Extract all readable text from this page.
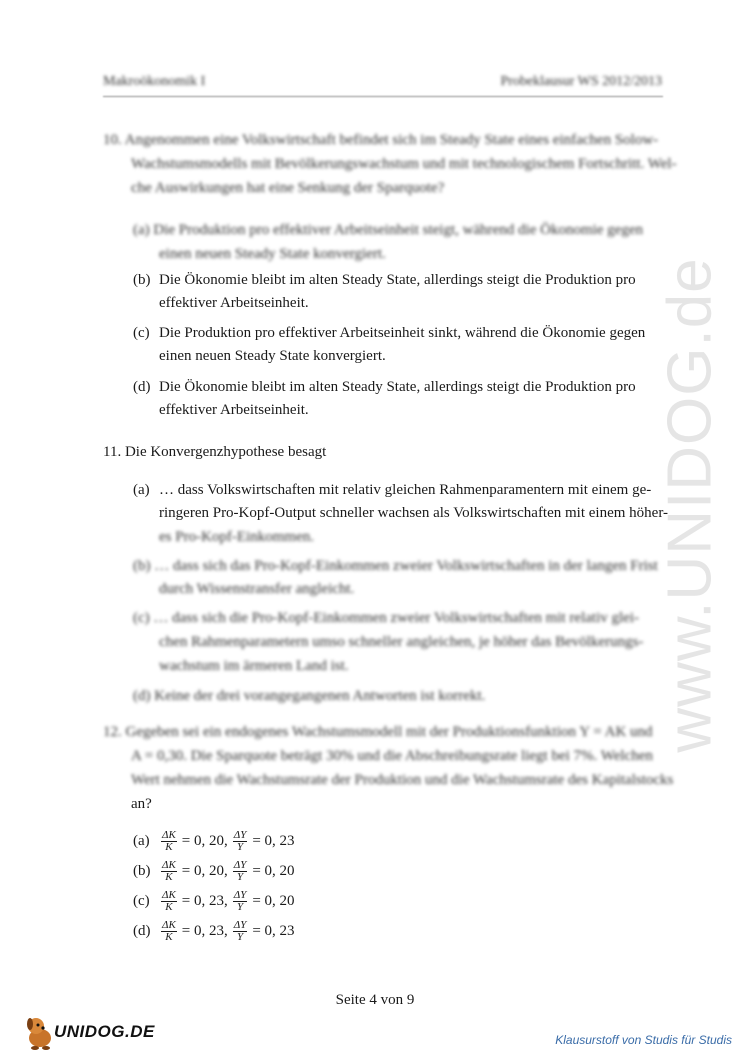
Makroökonomik I	Probeklausur WS 2012/2013
www.UNIDOG.de
10. Angenommen eine Volkswirtschaft befindet sich im Steady State eines einfachen Solow-
Wachstumsmodells mit Bevölkerungswachstum und mit technologischem Fortschritt. Wel-
che Auswirkungen hat eine Senkung der Sparquote?
(a) Die Produktion pro effektiver Arbeitseinheit steigt, während die Ökonomie gegen
einen neuen Steady State konvergiert.
(b) Die Ökonomie bleibt im alten Steady State, allerdings steigt die Produktion pro
effektiver Arbeitseinheit.
(c) Die Produktion pro effektiver Arbeitseinheit sinkt, während die Ökonomie gegen
einen neuen Steady State konvergiert.
(d) Die Ökonomie bleibt im alten Steady State, allerdings steigt die Produktion pro
effektiver Arbeitseinheit.
11. Die Konvergenzhypothese besagt
(a) … dass Volkswirtschaften mit relativ gleichen Rahmenparamentern mit einem ge-
ringeren Pro-Kopf-Output schneller wachsen als Volkswirtschaften mit einem höher-
es Pro-Kopf-Einkommen.
(b) … dass sich das Pro-Kopf-Einkommen zweier Volkswirtschaften in der langen Frist
durch Wissenstransfer angleicht.
(c) … dass sich die Pro-Kopf-Einkommen zweier Volkswirtschaften mit relativ glei-
chen Rahmenparametern umso schneller angleichen, je höher das Bevölkerungs-
wachstum im ärmeren Land ist.
(d) Keine der drei vorangegangenen Antworten ist korrekt.
12. Gegeben sei ein endogenes Wachstumsmodell mit der Produktionsfunktion Y = AK und
A = 0,30. Die Sparquote beträgt 30% und die Abschreibungsrate liegt bei 7%. Welchen
Wert nehmen die Wachstumsrate der Produktion und die Wachstumsrate des Kapitalstocks
an?
(a)	$\frac{\Delta K}{K} = 0$, 20, $\frac{\Delta Y}{Y} = 0$, 23
$(b) \frac{\Delta K}{K} = 0$, 20, $\frac{\Delta Y}{Y} = 0$, 20
(c)	$\frac{\Delta K}{K} = 0$, 23, $\frac{\Delta Y}{Y} = 0$, 20
$(d) \frac{\Delta K}{K} = 0$, 23, $\frac{\Delta Y}{Y} = 0$, 23
Seite 4 von 9
UNIDOG.DE	Klausurstoff von Studis für Studis
